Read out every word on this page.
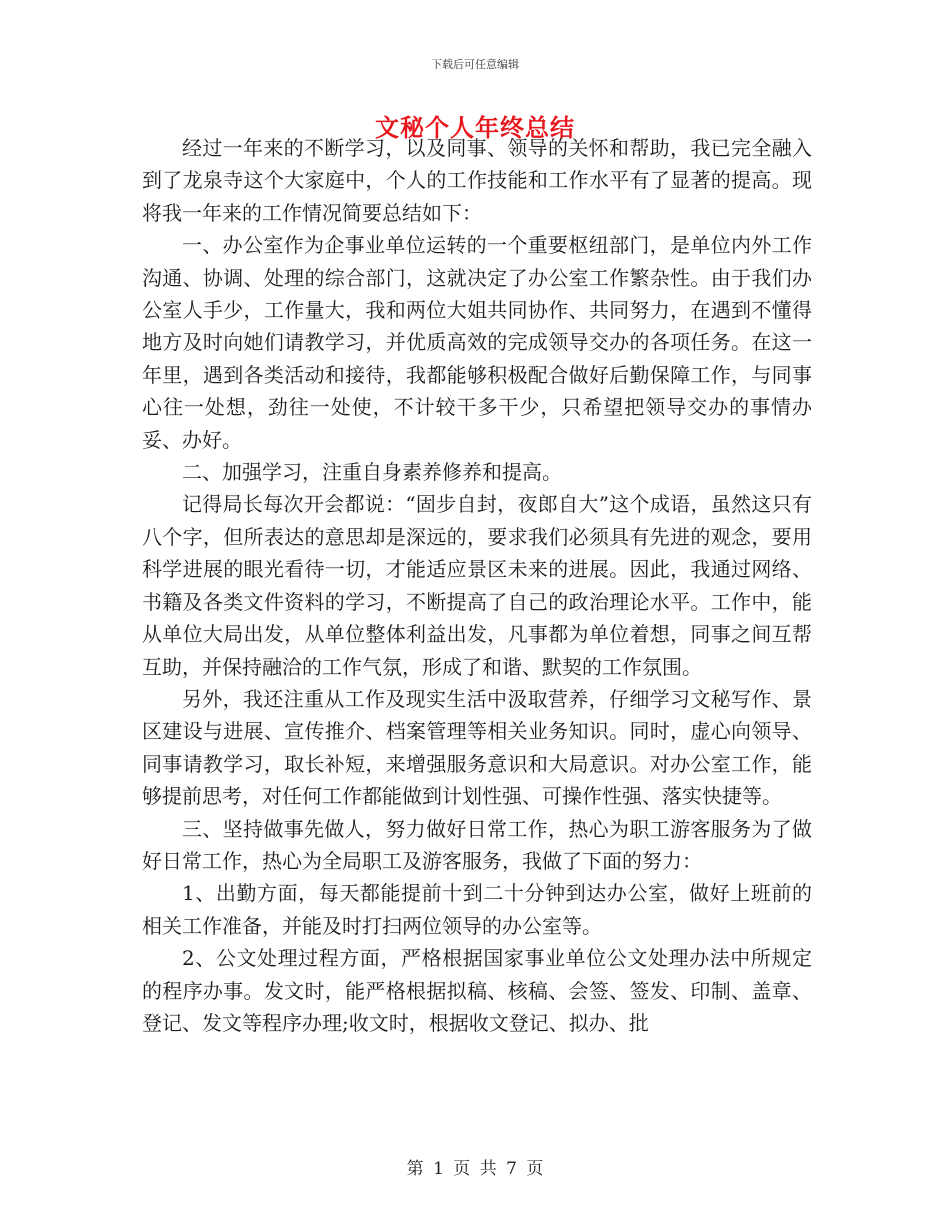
下载后可任意编辑
文秘个人年终总结

经过一年来的不断学习，以及同事、领导的关怀和帮助，我已完全融入到了龙泉寺这个大家庭中，个人的工作技能和工作水平有了显著的提高。现将我一年来的工作情况简要总结如下：

一、办公室作为企事业单位运转的一个重要枢纽部门，是单位内外工作沟通、协调、处理的综合部门，这就决定了办公室工作繁杂性。由于我们办公室人手少，工作量大，我和两位大姐共同协作、共同努力，在遇到不懂得地方及时向她们请教学习，并优质高效的完成领导交办的各项任务。在这一年里，遇到各类活动和接待，我都能够积极配合做好后勤保障工作，与同事心往一处想，劲往一处使，不计较干多干少，只希望把领导交办的事情办妥、办好。

二、加强学习，注重自身素养修养和提高。

记得局长每次开会都说：“固步自封，夜郎自大”这个成语，虽然这只有八个字，但所表达的意思却是深远的，要求我们必须具有先进的观念，要用科学进展的眼光看待一切，才能适应景区未来的进展。因此，我通过网络、书籍及各类文件资料的学习，不断提高了自己的政治理论水平。工作中，能从单位大局出发，从单位整体利益出发，凡事都为单位着想，同事之间互帮互助，并保持融洽的工作气氛，形成了和谐、默契的工作氛围。

另外，我还注重从工作及现实生活中汲取营养，仔细学习文秘写作、景区建设与进展、宣传推介、档案管理等相关业务知识。同时，虚心向领导、同事请教学习，取长补短，来增强服务意识和大局意识。对办公室工作，能够提前思考，对任何工作都能做到计划性强、可操作性强、落实快捷等。

三、坚持做事先做人，努力做好日常工作，热心为职工游客服务为了做好日常工作，热心为全局职工及游客服务，我做了下面的努力：

1、出勤方面，每天都能提前十到二十分钟到达办公室，做好上班前的相关工作准备，并能及时打扫两位领导的办公室等。

2、公文处理过程方面，严格根据国家事业单位公文处理办法中所规定的程序办事。发文时，能严格根据拟稿、核稿、会签、签发、印制、盖章、登记、发文等程序办理;收文时，根据收文登记、拟办、批

第 1 页 共 7 页
